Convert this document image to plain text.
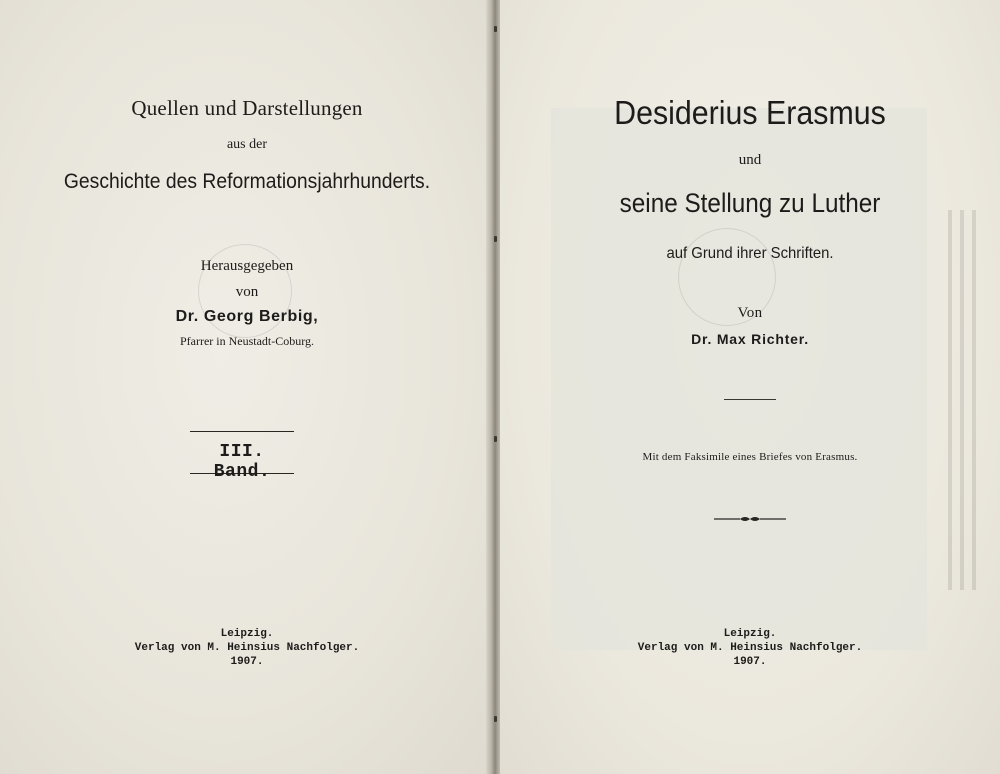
Quellen und Darstellungen
aus der
Geschichte des Reformationsjahrhunderts.
Herausgegeben
von
Dr. Georg Berbig,
Pfarrer in Neustadt-Coburg.
III. Band.
Leipzig.
Verlag von M. Heinsius Nachfolger.
1907.
Desiderius Erasmus
und
seine Stellung zu Luther
auf Grund ihrer Schriften.
Von
Dr. Max Richter.
Mit dem Faksimile eines Briefes von Erasmus.
Leipzig.
Verlag von M. Heinsius Nachfolger.
1907.
